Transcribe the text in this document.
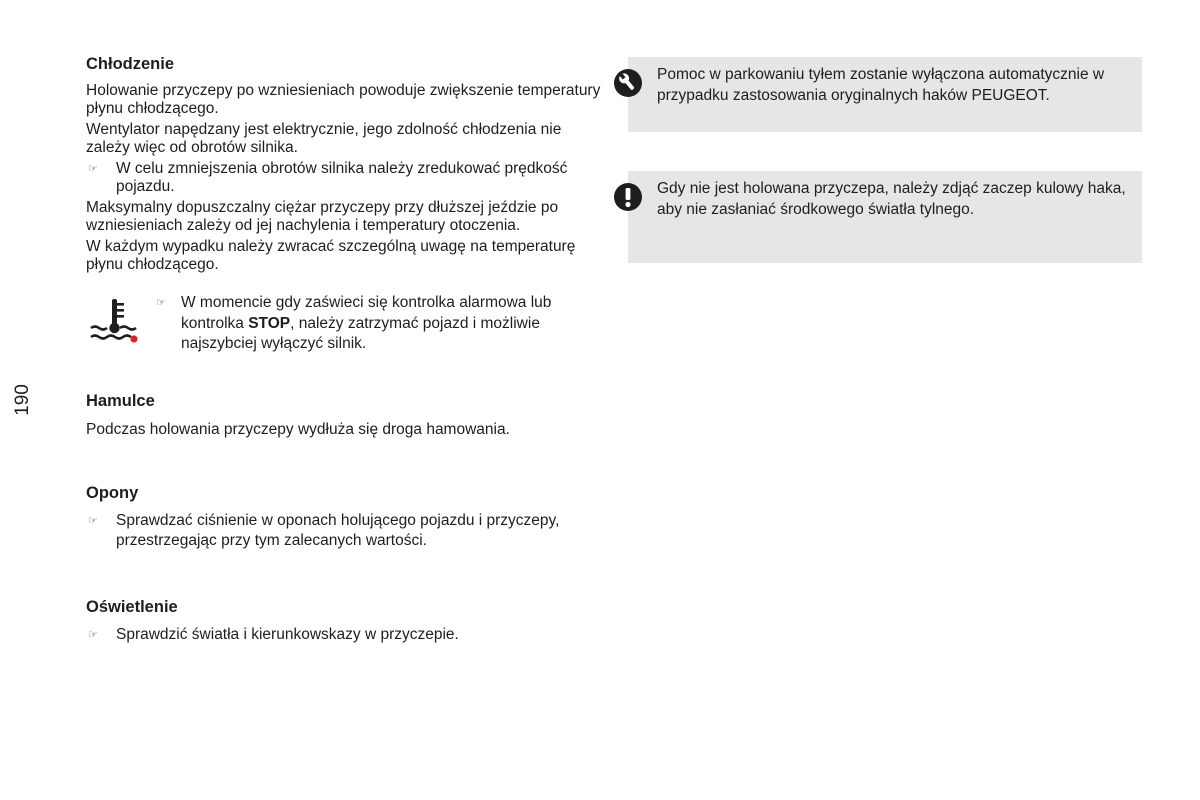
190
Chłodzenie
Holowanie przyczepy po wzniesieniach powoduje zwiększenie temperatury płynu chłodzącego.
Wentylator napędzany jest elektrycznie, jego zdolność chłodzenia nie zależy więc od obrotów silnika.
☞ W celu zmniejszenia obrotów silnika należy zredukować prędkość pojazdu.
Maksymalny dopuszczalny ciężar przyczepy przy dłuższej jeździe po wzniesieniach zależy od jej nachylenia i temperatury otoczenia.
W każdym wypadku należy zwracać szczególną uwagę na temperaturę płynu chłodzącego.
☞ W momencie gdy zaświeci się kontrolka alarmowa lub kontrolka STOP, należy zatrzymać pojazd i możliwie najszybciej wyłączyć silnik.
Hamulce
Podczas holowania przyczepy wydłuża się droga hamowania.
Opony
☞ Sprawdzać ciśnienie w oponach holującego pojazdu i przyczepy, przestrzegając przy tym zalecanych wartości.
Oświetlenie
☞ Sprawdzić światła i kierunkowskazy w przyczepie.
Pomoc w parkowaniu tyłem zostanie wyłączona automatycznie w przypadku zastosowania oryginalnych haków PEUGEOT.
Gdy nie jest holowana przyczepa, należy zdjąć zaczep kulowy haka, aby nie zasłaniać środkowego światła tylnego.
